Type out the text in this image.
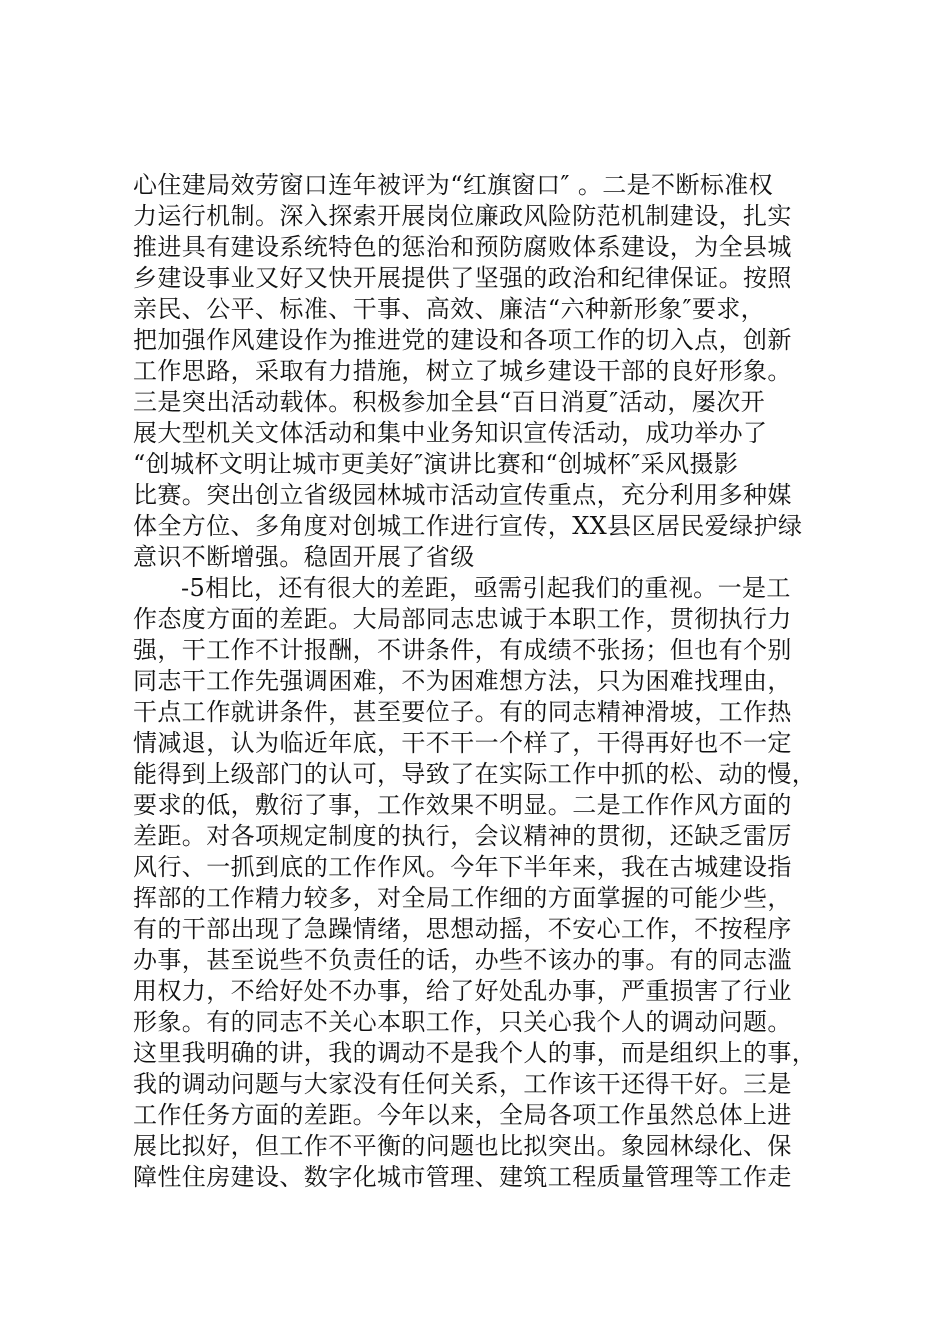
心住建局效劳窗口连年被评为“红旗窗口″ 。二是不断标准权
力运行机制。深入探索开展岗位廉政风险防范机制建设，扎实
推进具有建设系统特色的惩治和预防腐败体系建设，为全县城
乡建设事业又好又快开展提供了坚强的政治和纪律保证。按照
亲民、公平、标准、干事、高效、廉洁“六种新形象″要求，
把加强作风建设作为推进党的建设和各项工作的切入点，创新
工作思路，采取有力措施，树立了城乡建设干部的良好形象。
三是突出活动载体。积极参加全县“百日消夏″活动，屡次开
展大型机关文体活动和集中业务知识宣传活动，成功举办了
“创城杯文明让城市更美好″演讲比赛和“创城杯″采风摄影
比赛。突出创立省级园林城市活动宣传重点，充分利用多种媒
体全方位、多角度对创城工作进行宣传，XX县区居民爱绿护绿
意识不断增强。稳固开展了省级
-5相比，还有很大的差距，亟需引起我们的重视。一是工
作态度方面的差距。大局部同志忠诚于本职工作，贯彻执行力
强，干工作不计报酬，不讲条件，有成绩不张扬；但也有个别
同志干工作先强调困难，不为困难想方法，只为困难找理由，
干点工作就讲条件，甚至要位子。有的同志精神滑坡，工作热
情减退，认为临近年底，干不干一个样了，干得再好也不一定
能得到上级部门的认可，导致了在实际工作中抓的松、动的慢，
要求的低，敷衍了事，工作效果不明显。二是工作作风方面的
差距。对各项规定制度的执行，会议精神的贯彻，还缺乏雷厉
风行、一抓到底的工作作风。今年下半年来，我在古城建设指
挥部的工作精力较多，对全局工作细的方面掌握的可能少些，
有的干部出现了急躁情绪，思想动摇，不安心工作，不按程序
办事，甚至说些不负责任的话，办些不该办的事。有的同志滥
用权力，不给好处不办事，给了好处乱办事，严重损害了行业
形象。有的同志不关心本职工作，只关心我个人的调动问题。
这里我明确的讲，我的调动不是我个人的事，而是组织上的事，
我的调动问题与大家没有任何关系，工作该干还得干好。三是
工作任务方面的差距。今年以来，全局各项工作虽然总体上进
展比拟好，但工作不平衡的问题也比拟突出。象园林绿化、保
障性住房建设、数字化城市管理、建筑工程质量管理等工作走
